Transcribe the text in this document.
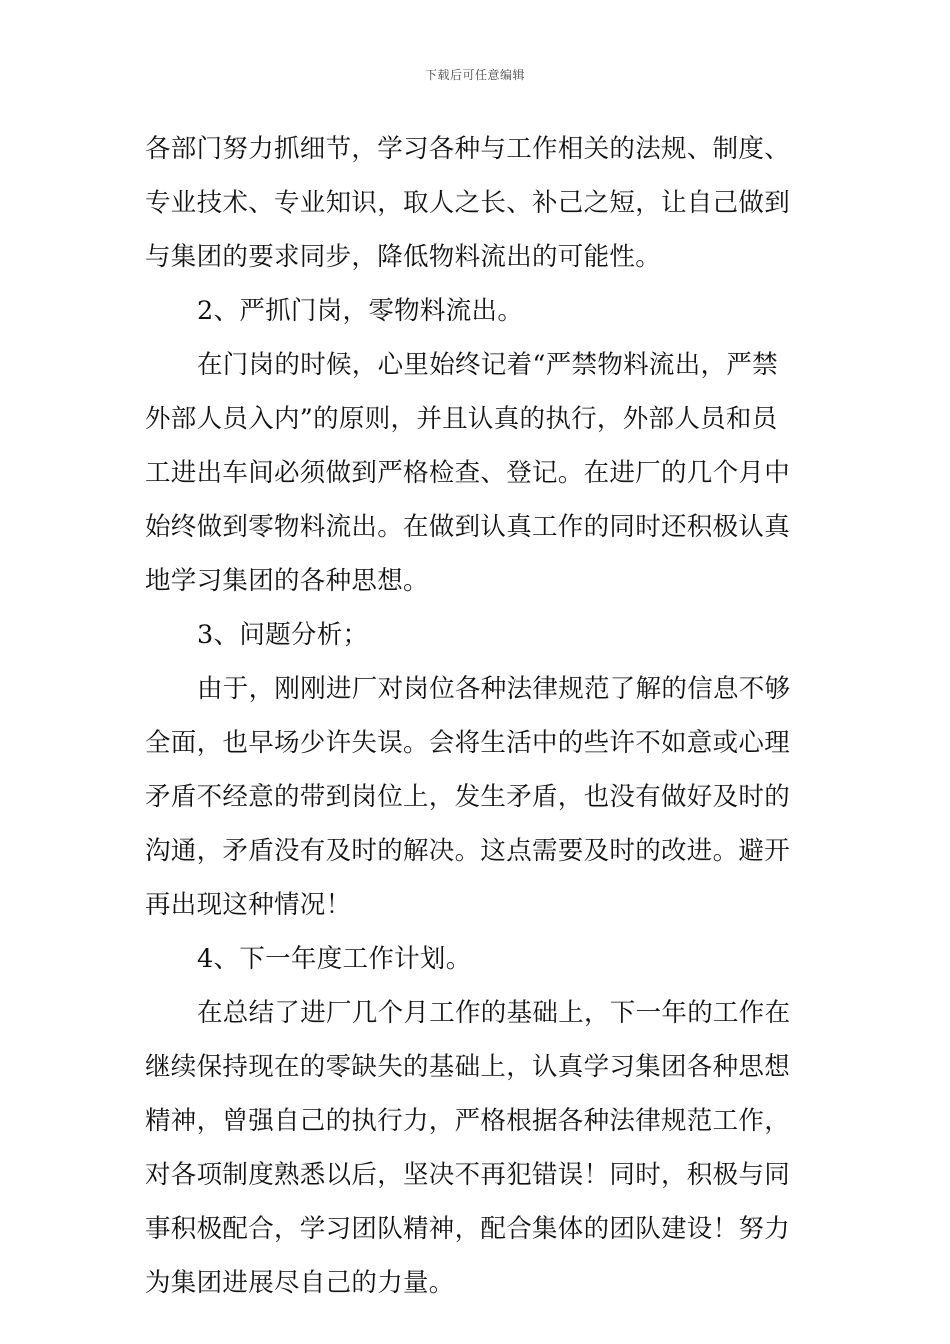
下载后可任意编辑
各部门努力抓细节，学习各种与工作相关的法规、制度、
专业技术、专业知识，取人之长、补己之短，让自己做到
与集团的要求同步，降低物料流出的可能性。
2、严抓门岗，零物料流出。
在门岗的时候，心里始终记着“严禁物料流出，严禁
外部人员入内”的原则，并且认真的执行，外部人员和员
工进出车间必须做到严格检查、登记。在进厂的几个月中
始终做到零物料流出。在做到认真工作的同时还积极认真
地学习集团的各种思想。
3、问题分析；
由于，刚刚进厂对岗位各种法律规范了解的信息不够
全面，也早场少许失误。会将生活中的些许不如意或心理
矛盾不经意的带到岗位上，发生矛盾，也没有做好及时的
沟通，矛盾没有及时的解决。这点需要及时的改进。避开
再出现这种情况！
4、下一年度工作计划。
在总结了进厂几个月工作的基础上，下一年的工作在
继续保持现在的零缺失的基础上，认真学习集团各种思想
精神，曾强自己的执行力，严格根据各种法律规范工作，
对各项制度熟悉以后，坚决不再犯错误！同时，积极与同
事积极配合，学习团队精神，配合集体的团队建设！努力
为集团进展尽自己的力量。
